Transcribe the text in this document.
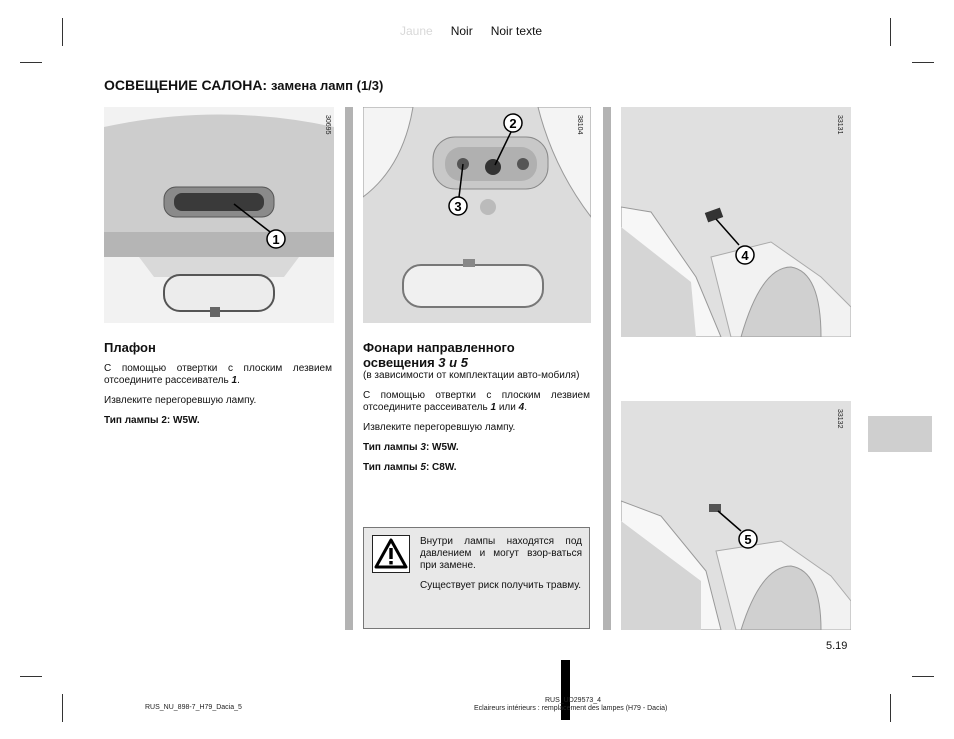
Jaune Noir Noir texte
ОСВЕЩЕНИЕ САЛОНА: замена ламп (1/3)
1
30695	2
3
38104
4
33131
5
33132
Плафон
С помощью отвертки с плоским лезвием отсоедините рассеиватель 1.
Извлеките перегоревшую лампу.
Тип лампы 2: W5W.
Фонари направленного освещения 3 и 5
(в зависимости от комплектации авто-мобиля)
С помощью отвертки с плоским лезвием отсоедините рассеиватель 1 или 4.
Извлеките перегоревшую лампу.
Тип лампы 3: W5W.
Тип лампы 5: C8W.
Внутри лампы находятся под давлением и могут взор-ваться при замене.
Существует риск получить травму.
5.19
RUS_NU_898-7_H79_Dacia_5
RUS_UD29573_4
Eclaireurs intérieurs : remplacement des lampes (H79 - Dacia)
